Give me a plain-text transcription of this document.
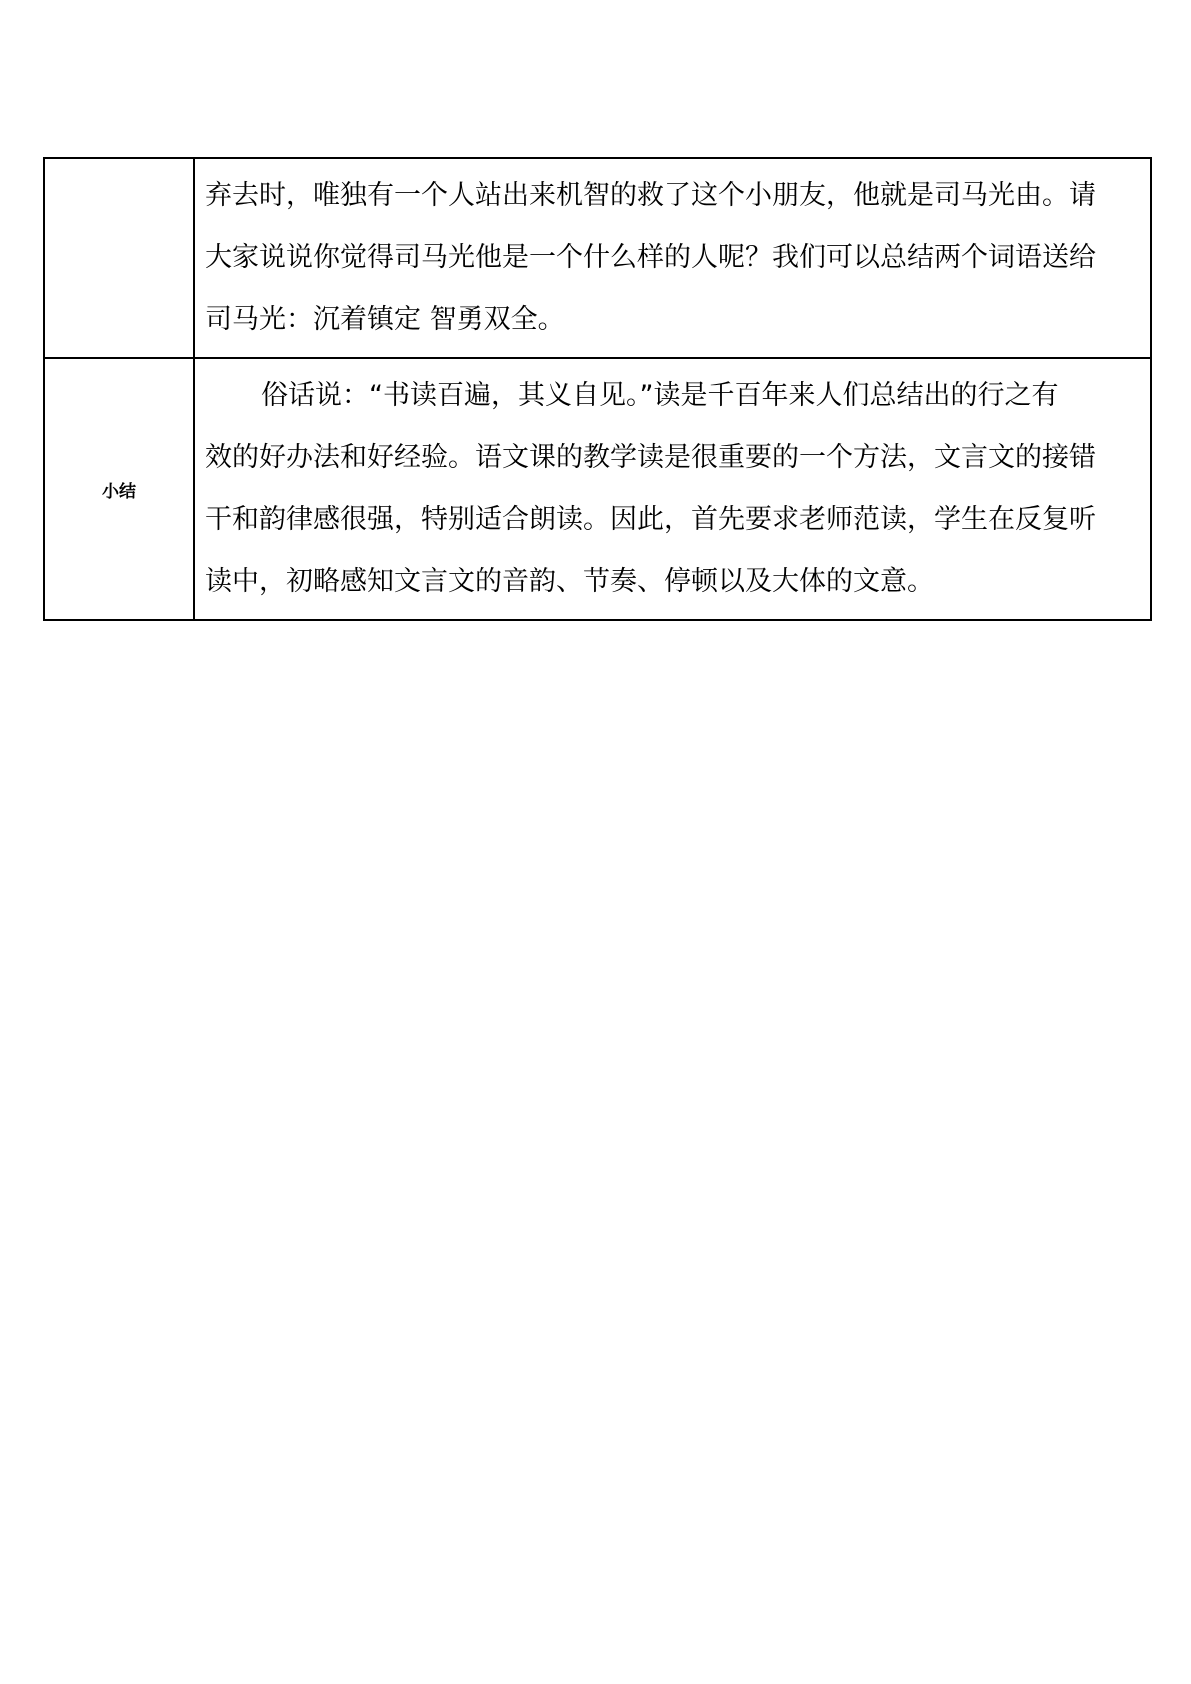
	弃去时，唯独有一个人站出来机智的救了这个小朋友，他就是司马光由。请
大家说说你觉得司马光他是一个什么样的人呢？我们可以总结两个词语送给
司马光：沉着镇定 智勇双全。

小结	俗话说：“书读百遍，其义自见。”读是千百年来人们总结出的行之有
效的好办法和好经验。语文课的教学读是很重要的一个方法，文言文的接错
干和韵律感很强，特别适合朗读。因此，首先要求老师范读，学生在反复听
读中，初略感知文言文的音韵、节奏、停顿以及大体的文意。
